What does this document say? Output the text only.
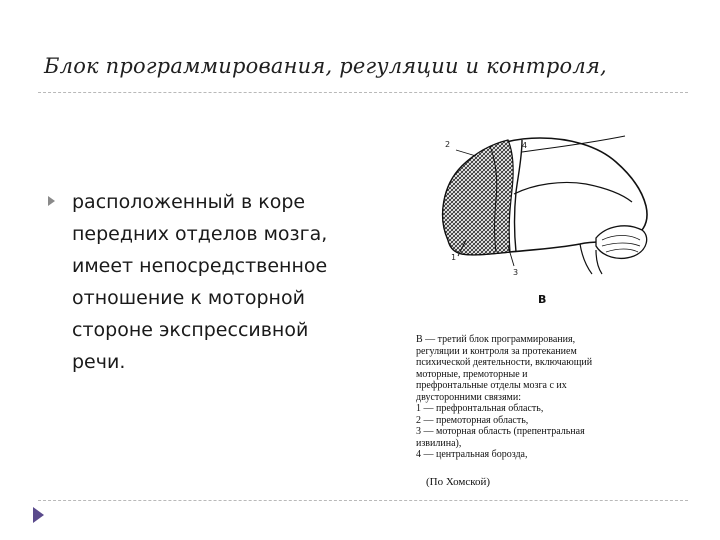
Блок программирования, регуляции и контроля,
расположенный в коре
передних отделов мозга,
имеет непосредственное
отношение к моторной
стороне экспрессивной
речи.
2
1
3
4
В
В — третий блок программирования,
регуляции и контроля за протеканием
психической деятельности, включающий
моторные, премоторные и
префронтальные отделы мозга с их
двусторонними связями:
1 — префронтальная область,
2 — премоторная область,
3 — моторная область (препентральная
извилина),
4 — центральная борозда,
(По Хомской)
